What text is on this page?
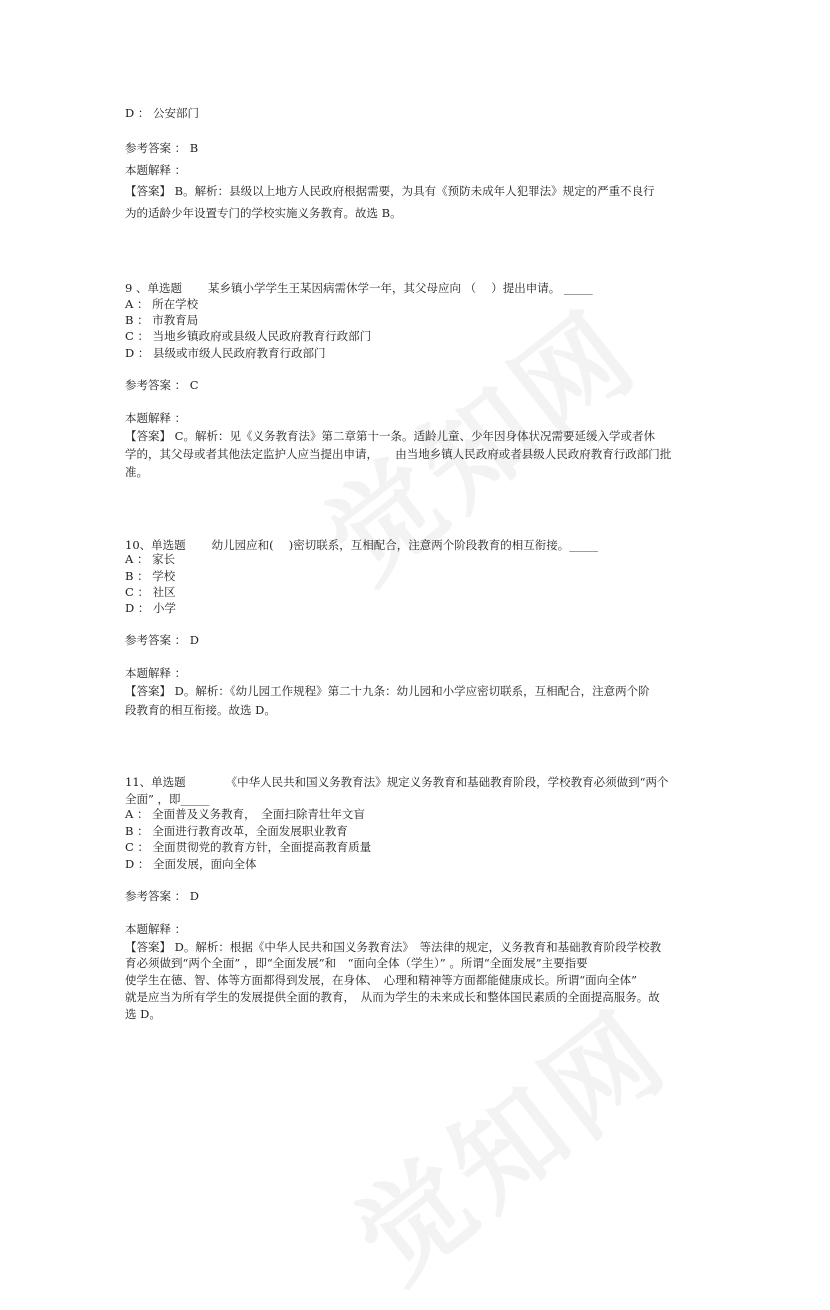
D ： 公安部门
参考答案 ： B
本题解释 ：
【答案】 B。解析：县级以上地方人民政府根据需要，为具有《预防未成年人犯罪法》规定的严重不良行
为的适龄少年设置专门的学校实施义务教育。故选 B。
9 、单选题 某乡镇小学学生王某因病需休学一年，其父母应向 （　 ）提出申请。 _____
A ： 所在学校
B ： 市教育局
C ： 当地乡镇政府或县级人民政府教育行政部门
D ： 县级或市级人民政府教育行政部门
参考答案 ： C
本题解释 ：
【答案】 C。解析：见《义务教育法》第二章第十一条。适龄儿童、少年因身体状况需要延缓入学或者休
学的，其父母或者其他法定监护人应当提出申请，　　由当地乡镇人民政府或者县级人民政府教育行政部门批
准。
10、单选题 幼儿园应和(　 )密切联系，互相配合，注意两个阶段教育的相互衔接。_____
A ： 家长
B ： 学校
C ： 社区
D ： 小学
参考答案 ： D
本题解释 ：
【答案】 D。解析：《幼儿园工作规程》第二十九条：幼儿园和小学应密切联系，互相配合，注意两个阶
段教育的相互衔接。故选 D。
11、单选题	《中华人民共和国义务教育法》规定义务教育和基础教育阶段，学校教育必须做到“两个
全面” ，即_____
A ： 全面普及义务教育，　全面扫除青壮年文盲
B ： 全面进行教育改革，全面发展职业教育
C ： 全面贯彻党的教育方针，全面提高教育质量
D ： 全面发展，面向全体
参考答案 ： D
本题解释 ：
【答案】 D。解析：根据《中华人民共和国义务教育法》　等法律的规定，义务教育和基础教育阶段学校教
育必须做到“两个全面” ，即“全面发展”和　“面向全体（学生）” 。所谓“全面发展”主要指要
使学生在德、智、体等方面都得到发展，在身体、　心理和精神等方面都能健康成长。所谓“面向全体”
就是应当为所有学生的发展提供全面的教育，　从而为学生的未来成长和整体国民素质的全面提高服务。故
选 D。
